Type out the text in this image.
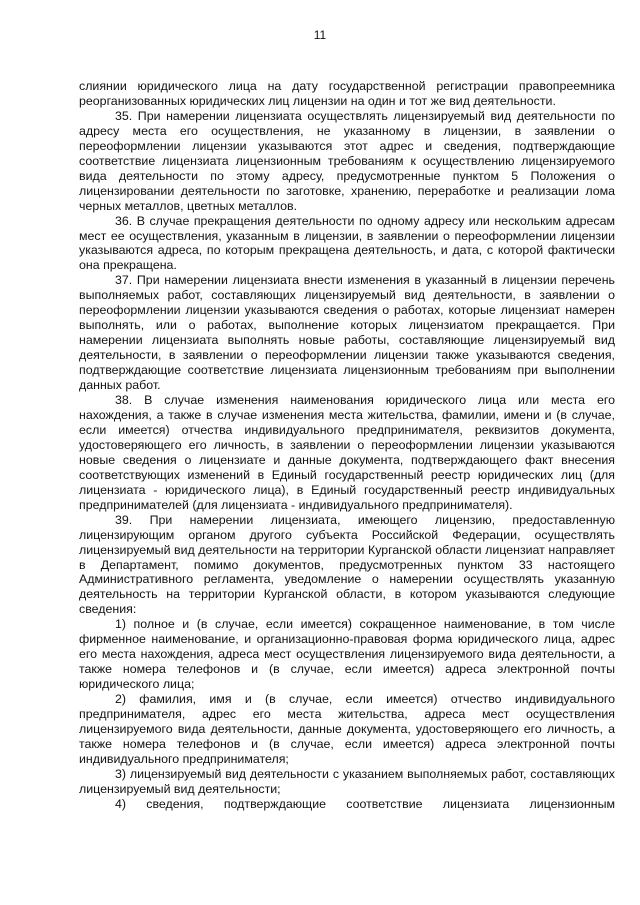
11

слиянии юридического лица на дату государственной регистрации правопреемника реорганизованных юридических лиц лицензии на один и тот же вид деятельности.

35. При намерении лицензиата осуществлять лицензируемый вид деятельности по адресу места его осуществления, не указанному в лицензии, в заявлении о переоформлении лицензии указываются этот адрес и сведения, подтверждающие соответствие лицензиата лицензионным требованиям к осуществлению лицензируемого вида деятельности по этому адресу, предусмотренные пунктом 5 Положения о лицензировании деятельности по заготовке, хранению, переработке и реализации лома черных металлов, цветных металлов.

36. В случае прекращения деятельности по одному адресу или нескольким адресам мест ее осуществления, указанным в лицензии, в заявлении о переоформлении лицензии указываются адреса, по которым прекращена деятельность, и дата, с которой фактически она прекращена.

37. При намерении лицензиата внести изменения в указанный в лицензии перечень выполняемых работ, составляющих лицензируемый вид деятельности, в заявлении о переоформлении лицензии указываются сведения о работах, которые лицензиат намерен выполнять, или о работах, выполнение которых лицензиатом прекращается. При намерении лицензиата выполнять новые работы, составляющие лицензируемый вид деятельности, в заявлении о переоформлении лицензии также указываются сведения, подтверждающие соответствие лицензиата лицензионным требованиям при выполнении данных работ.

38. В случае изменения наименования юридического лица или места его нахождения, а также в случае изменения места жительства, фамилии, имени и (в случае, если имеется) отчества индивидуального предпринимателя, реквизитов документа, удостоверяющего его личность, в заявлении о переоформлении лицензии указываются новые сведения о лицензиате и данные документа, подтверждающего факт внесения соответствующих изменений в Единый государственный реестр юридических лиц (для лицензиата - юридического лица), в Единый государственный реестр индивидуальных предпринимателей (для лицензиата - индивидуального предпринимателя).

39. При намерении лицензиата, имеющего лицензию, предоставленную лицензирующим органом другого субъекта Российской Федерации, осуществлять лицензируемый вид деятельности на территории Курганской области лицензиат направляет в Департамент, помимо документов, предусмотренных пунктом 33 настоящего Административного регламента, уведомление о намерении осуществлять указанную деятельность на территории Курганской области, в котором указываются следующие сведения:

1) полное и (в случае, если имеется) сокращенное наименование, в том числе фирменное наименование, и организационно-правовая форма юридического лица, адрес его места нахождения, адреса мест осуществления лицензируемого вида деятельности, а также номера телефонов и (в случае, если имеется) адреса электронной почты юридического лица;

2) фамилия, имя и (в случае, если имеется) отчество индивидуального предпринимателя, адрес его места жительства, адреса мест осуществления лицензируемого вида деятельности, данные документа, удостоверяющего его личность, а также номера телефонов и (в случае, если имеется) адреса электронной почты индивидуального предпринимателя;

3) лицензируемый вид деятельности с указанием выполняемых работ, составляющих лицензируемый вид деятельности;

4) сведения, подтверждающие соответствие лицензиата лицензионным
